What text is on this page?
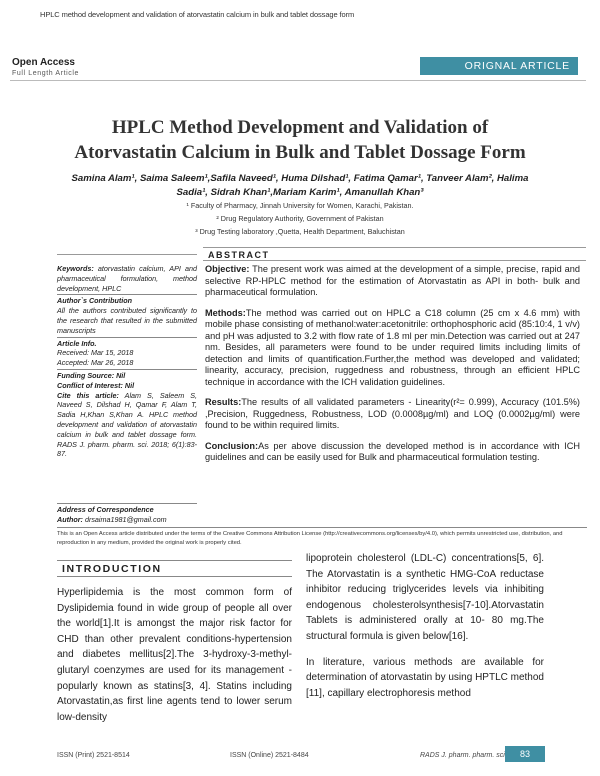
HPLC method development and validation of atorvastatin calcium in bulk and tablet dossage form
Open Access
Full Length Article
ORIGNAL ARTICLE
HPLC Method Development and Validation of
Atorvastatin Calcium in Bulk and Tablet Dossage Form
Samina Alam¹, Saima Saleem¹,Safila Naveed¹, Huma Dilshad¹, Fatima Qamar¹, Tanveer Alam², Halima
Sadia¹, Sidrah Khan¹,Mariam Karim¹, Amanullah Khan³
¹ Faculty of Pharmacy, Jinnah University for Women, Karachi, Pakistan.
² Drug Regulatory Authority, Government of Pakistan
³ Drug Testing laboratory ,Quetta, Health Department, Baluchistan
ABSTRACT

Objective: The present work was aimed at the development of a simple, precise, rapid and selective RP-HPLC method for the estimation of Atorvastatin as API in both- bulk and pharmaceutical formulation.

Methods:The method was carried out on HPLC a C18 column (25 cm x 4.6 mm) with mobile phase consisting of methanol:water:acetonitrile: orthophosphoric acid (85:10:4, 1 v/v) and pH was adjusted to 3.2 with flow rate of 1.8 ml per min.Detection was carried out at 247 nm. Besides, all parameters were found to be under required limits including limits of detection and limits of quantification.Further,the method was developed and validated; linearity, accuracy, precision, ruggedness and robustness, through an efficient HPLC technique in accordance with the ICH validation guidelines.

Results:The results of all validated parameters - Linearity(r²= 0.999), Accuracy (101.5%) ,Precision, Ruggedness, Robustness, LOD (0.0008µg/ml) and LOQ (0.0002µg/ml) were found to be within required limits.

Conclusion:As per above discussion the developed method is in accordance with ICH guidelines and can be easily used for Bulk and pharmaceutical formulation testing.

Keywords: atorvastatin calcium, API and pharmaceutical formulation, method development, HPLC
Author`s Contribution
All the authors contributed significantly to the research that resulted in the submitted manuscripts
Article Info.
Received: Mar 15, 2018
Accepted: Mar 26, 2018
Funding Source: Nil
Conflict of Interest: Nil
Cite this article: Alam S, Saleem S, Naveed S, Dilshad H, Qamar F, Alam T, Sadia H,Khan S,Khan A. HPLC method development and validation of atorvastatin calcium in bulk and tablet dossage form. RADS J. pharm. pharm. sci. 2018; 6(1):83-87.
Address of Correspondence
Author: drsaima1981@gmail.com
This is an Open Access article distributed under the terms of the Creative Commons Attribution License (http://creativecommons.org/licenses/by/4.0), which permits unrestricted use, distribution, and reproduction in any medium, provided the original work is properly cited.
INTRODUCTION
Hyperlipidemia is the most common form of Dyslipidemia found in wide group of people all over the world[1].It is amongst the major risk factor for CHD than other prevalent conditions-hypertension and diabetes mellitus[2].The 3-hydroxy-3-methyl-glutaryl coenzymes are used for its management -popularly known as statins[3, 4]. Statins including Atorvastatin,as first line agents tend to lower serum low-density

lipoprotein cholesterol (LDL-C) concentrations[5, 6]. The Atorvastatin is a synthetic HMG-CoA reductase inhibitor reducing triglycerides levels via inhibiting endogenous cholesterolsynthesis[7-10].Atorvastatin Tablets is administered orally at 10- 80 mg.The structural formula is given below[16].

In literature, various methods are available for determination of atorvastatin by using HPTLC method [11], capillary electrophoresis method

ISSN (Print) 2521-8514	ISSN (Online) 2521-8484	RADS J. pharm. pharm. sci	83
